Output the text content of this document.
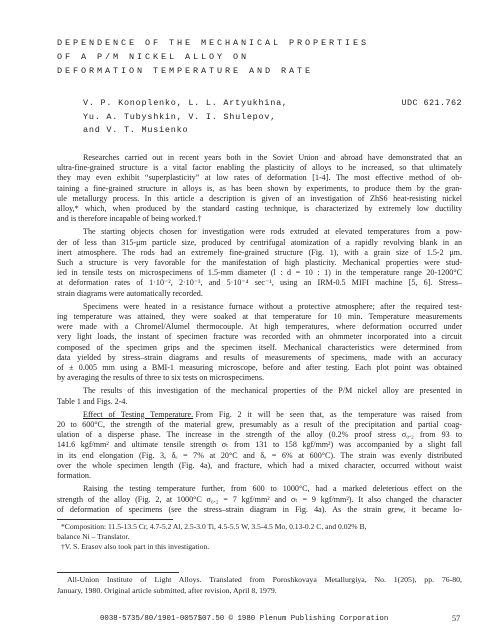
DEPENDENCE OF THE MECHANICAL PROPERTIES
OF A P/M NICKEL ALLOY ON
DEFORMATION TEMPERATURE AND RATE
V. P. Konoplenko, L. L. Artyukhina,
Yu. A. Tubyshkin, V. I. Shulepov,
and V. T. Musienko
UDC 621.762
Researches carried out in recent years both in the Soviet Union and abroad have demonstrated that an
ultra-fine-grained structure is a vital factor enabling the plasticity of alloys to be increased, so that ultimately
they may even exhibit “superplasticity” at low rates of deformation [1-4]. The most effective method of ob-
taining a fine-grained structure in alloys is, as has been shown by experiments, to produce them by the gran-
ule metallurgy process. In this article a description is given of an investigation of ZhS6 heat-resisting nickel
alloy,* which, when produced by the standard casting technique, is characterized by extremely low ductility
and is therefore incapable of being worked.†
The starting objects chosen for investigation were rods extruded at elevated temperatures from a pow-
der of less than 315-μm particle size, produced by centrifugal atomization of a rapidly revolving blank in an
inert atmosphere. The rods had an extremely fine-grained structure (Fig. 1), with a grain size of 1.5-2 μm.
Such a structure is very favorable for the manifestation of high plasticity. Mechanical properties were stud-
ied in tensile tests on microspecimens of 1.5-mm diameter (l : d = 10 : 1) in the temperature range 20-1200°C
at deformation rates of 1·10⁻², 2·10⁻³, and 5·10⁻⁴ sec⁻¹, using an IRM-0.5 MIFI machine [5, 6]. Stress–
strain diagrams were automatically recorded.
Specimens were heated in a resistance furnace without a protective atmosphere; after the required test-
ing temperature was attained, they were soaked at that temperature for 10 min. Temperature measurements
were made with a Chromel/Alumel thermocouple. At high temperatures, where deformation occurred under
very light loads, the instant of specimen fracture was recorded with an ohmmeter incorporated into a circuit
composed of the specimen grips and the specimen itself. Mechanical characteristics were determined from
data yielded by stress–strain diagrams and results of measurements of specimens, made with an accuracy
of ± 0.005 mm using a BMI-1 measuring microscope, before and after testing. Each plot point was obtained
by averaging the results of three to six tests on microspecimens.
The results of this investigation of the mechanical properties of the P/M nickel alloy are presented in
Table 1 and Figs. 2-4.
Effect of Testing Temperature. From Fig. 2 it will be seen that, as the temperature was raised from
20 to 600°C, the strength of the material grew, presumably as a result of the precipitation and partial coag-
ulation of a disperse phase. The increase in the strength of the alloy (0.2% proof stress σ₀.₂ from 93 to
141.6 kgf/mm² and ultimate tensile strength σₜ from 131 to 158 kgf/mm²) was accompanied by a slight fall
in its end elongation (Fig. 3, δₑ = 7% at 20°C and δₑ = 6% at 600°C). The strain was evenly distributed
over the whole specimen length (Fig. 4a), and fracture, which had a mixed character, occurred without waist
formation.
Raising the testing temperature further, from 600 to 1000°C, had a marked deleterious effect on the
strength of the alloy (Fig. 2, at 1000°C σ₀.₂ = 7 kgf/mm² and σₜ = 9 kgf/mm²). It also changed the character
of deformation of specimens (see the stress–strain diagram in Fig. 4a). As the strain grew, it became lo-
*Composition: 11.5-13.5 Cr, 4.7-5.2 Al, 2.5-3.0 Ti, 4.5-5.5 W, 3.5-4.5 Mo, 0.13-0.2 C, and 0.02% B,
balance Ni – Translator.
†V. S. Erasov also took part in this investigation.
All-Union Institute of Light Alloys. Translated from Poroshkovaya Metallurgiya, No. 1(205), pp. 76-80,
January, 1980. Original article submitted, after revision, April 8, 1979.
0038-5735/80/1901-0057$07.50 © 1980 Plenum Publishing Corporation	57
